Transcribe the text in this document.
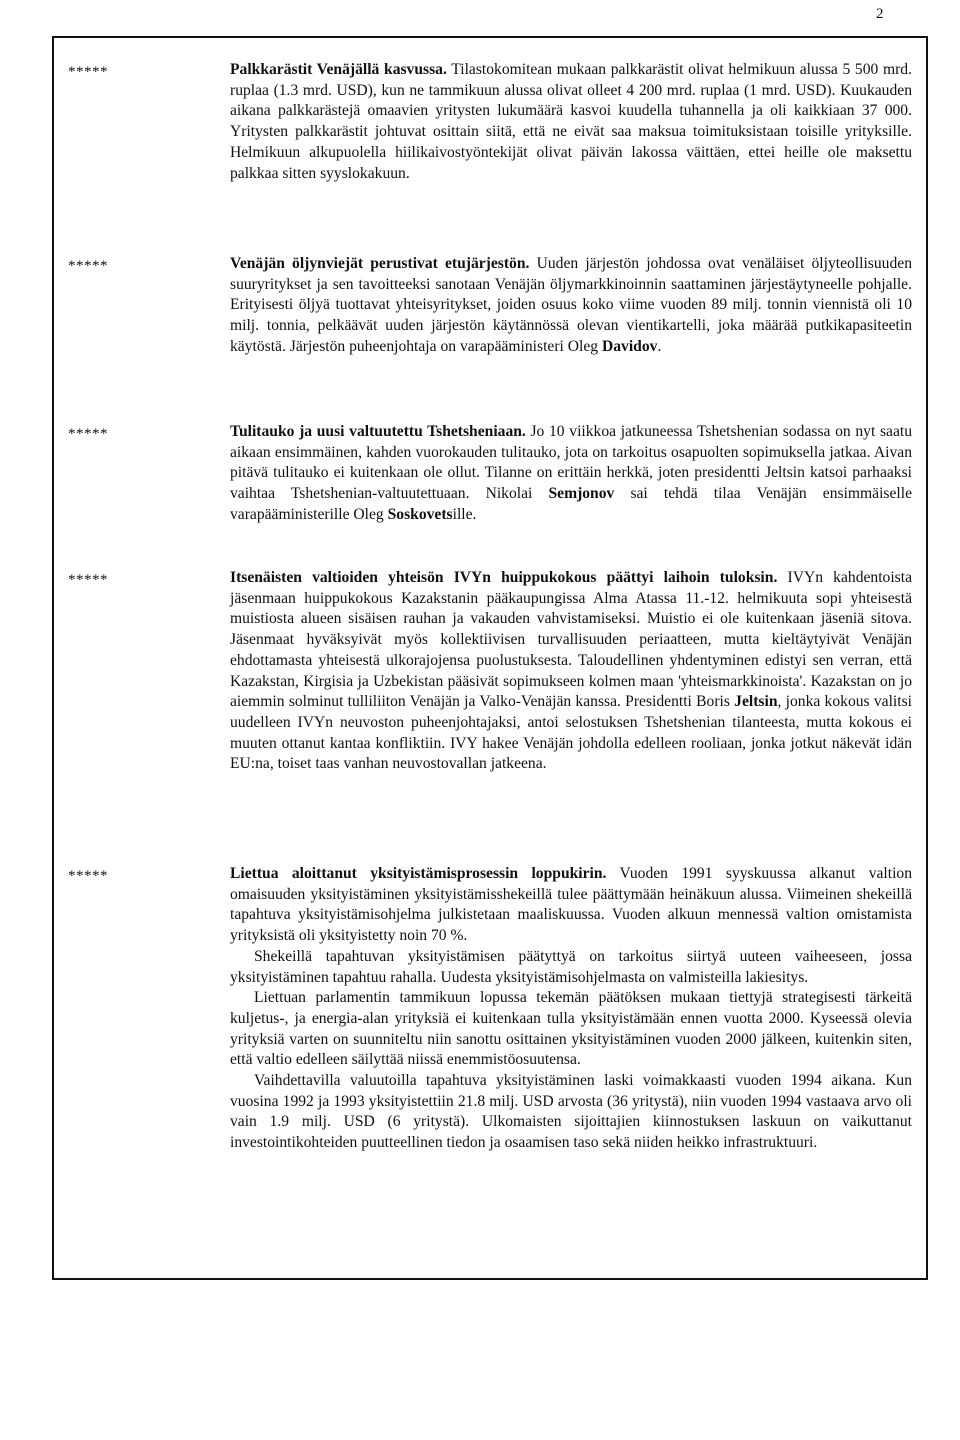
2
*****	Palkkarästit Venäjällä kasvussa. Tilastokomitean mukaan palkkarästit olivat helmikuun alussa 5 500 mrd. ruplaa (1.3 mrd. USD), kun ne tammikuun alussa olivat olleet 4 200 mrd. ruplaa (1 mrd. USD). Kuukauden aikana palkkarästejä omaavien yritysten lukumäärä kasvoi kuudella tuhannella ja oli kaikkiaan 37 000. Yritysten palkkarästit johtuvat osittain siitä, että ne eivät saa maksua toimituksistaan toisille yrityksille. Helmikuun alkupuolella hiilikaivostyöntekijät olivat päivän lakossa väittäen, ettei heille ole maksettu palkkaa sitten syyslokakuun.

*****	Venäjän öljynviejät perustivat etujärjestön. Uuden järjestön johdossa ovat venäläiset öljyteollisuuden suuryritykset ja sen tavoitteeksi sanotaan Venäjän öljymarkkinoinnin saattaminen järjestäytyneelle pohjalle. Erityisesti öljyä tuottavat yhteisyritykset, joiden osuus koko viime vuoden 89 milj. tonnin viennistä oli 10 milj. tonnia, pelkäävät uuden järjestön käytännössä olevan vientikartelli, joka määrää putkikapasiteetin käytöstä. Järjestön puheenjohtaja on varapääministeri Oleg Davidov.

*****	Tulitauko ja uusi valtuutettu Tshetsheniaan. Jo 10 viikkoa jatkuneessa Tshetshenian sodassa on nyt saatu aikaan ensimmäinen, kahden vuorokauden tulitauko, jota on tarkoitus osapuolten sopimuksella jatkaa. Aivan pitävä tulitauko ei kuitenkaan ole ollut. Tilanne on erittäin herkkä, joten presidentti Jeltsin katsoi parhaaksi vaihtaa Tshetshenian-valtuutettuaan. Nikolai Semjonov sai tehdä tilaa Venäjän ensimmäiselle varapääministerille Oleg Soskovetsille.

*****	Itsenäisten valtioiden yhteisön IVYn huippukokous päättyi laihoin tuloksin. IVYn kahdentoista jäsenmaan huippukokous Kazakstanin pääkaupungissa Alma Atassa 11.-12. helmikuuta sopi yhteisestä muistiosta alueen sisäisen rauhan ja vakauden vahvistamiseksi. Muistio ei ole kuitenkaan jäseniä sitova. Jäsenmaat hyväksyivät myös kollektiivisen turvallisuuden periaatteen, mutta kieltäytyivät Venäjän ehdottamasta yhteisestä ulkorajojensa puolustuksesta. Taloudellinen yhdentyminen edistyi sen verran, että Kazakstan, Kirgisia ja Uzbekistan pääsivät sopimukseen kolmen maan 'yhteismarkkinoista'. Kazakstan on jo aiemmin solminut tulliliiton Venäjän ja Valko-Venäjän kanssa. Presidentti Boris Jeltsin, jonka kokous valitsi uudelleen IVYn neuvoston puheenjohtajaksi, antoi selostuksen Tshetshenian tilanteesta, mutta kokous ei muuten ottanut kantaa konfliktiin. IVY hakee Venäjän johdolla edelleen rooliaan, jonka jotkut näkevät idän EU:na, toiset taas vanhan neuvostovallan jatkeena.

*****	Liettua aloittanut yksityistämisprosessin loppukirin. Vuoden 1991 syyskuussa alkanut valtion omaisuuden yksityistäminen yksityistämisshekeillä tulee päättymään heinäkuun alussa. Viimeinen shekeillä tapahtuva yksityistämisohjelma julkistetaan maaliskuussa. Vuoden alkuun mennessä valtion omistamista yrityksistä oli yksityistetty noin 70 %.

Shekeillä tapahtuvan yksityistämisen päätyttyä on tarkoitus siirtyä uuteen vaiheeseen, jossa yksityistäminen tapahtuu rahalla. Uudesta yksityistämisohjelmasta on valmisteilla lakiesitys.

Liettuan parlamentin tammikuun lopussa tekemän päätöksen mukaan tiettyjä strategisesti tärkeitä kuljetus-, ja energia-alan yrityksiä ei kuitenkaan tulla yksityistämään ennen vuotta 2000. Kyseessä olevia yrityksiä varten on suunniteltu niin sanottu osittainen yksityistäminen vuoden 2000 jälkeen, kuitenkin siten, että valtio edelleen säilyttää niissä enemmistöosuutensa.

Vaihdettavilla valuutoilla tapahtuva yksityistäminen laski voimakkaasti vuoden 1994 aikana. Kun vuosina 1992 ja 1993 yksityistettiin 21.8 milj. USD arvosta (36 yritystä), niin vuoden 1994 vastaava arvo oli vain 1.9 milj. USD (6 yritystä). Ulkomaisten sijoittajien kiinnostuksen laskuun on vaikuttanut investointikohteiden puutteellinen tiedon ja osaamisen taso sekä niiden heikko infrastruktuuri.
